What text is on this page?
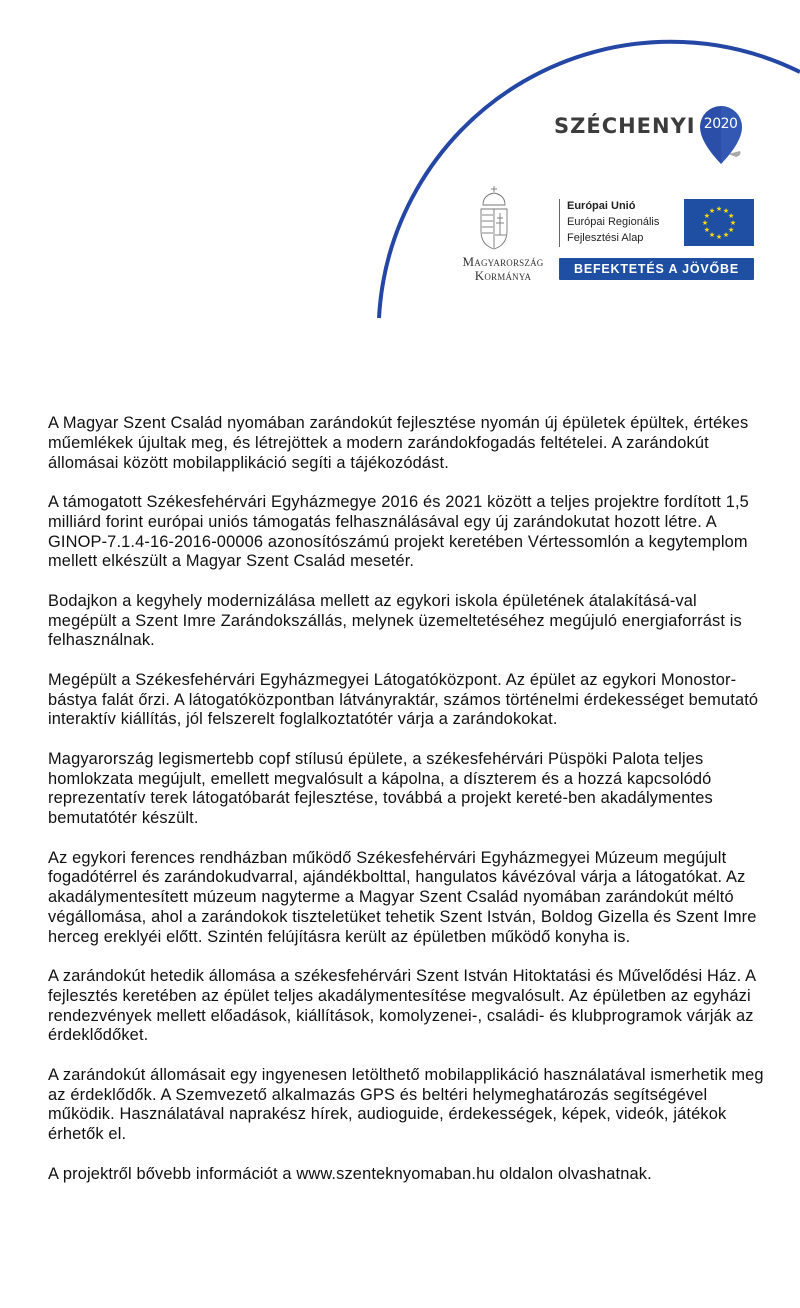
SZÉCHENYI 2020
Magyarország
Kormánya
Európai Unió
Európai Regionális
Fejlesztési Alap
★ ★
★
★
★
★
★
★
★
★
★
★
BEFEKTETÉS A JÖVŐBE

A Magyar Szent Család nyomában zarándokút fejlesztése nyomán új épületek épültek, értékes műemlékek újultak meg, és létrejöttek a modern zarándokfogadás feltételei. A zarándokút állomásai között mobilapplikáció segíti a tájékozódást.

A támogatott Székesfehérvári Egyházmegye 2016 és 2021 között a teljes projektre fordított 1,5 milliárd forint európai uniós támogatás felhasználásával egy új zarándokutat hozott létre. A GINOP-7.1.4-16-2016-00006 azonosítószámú projekt keretében Vértessomlón a kegytemplom mellett elkészült a Magyar Szent Család mesetér.

Bodajkon a kegyhely modernizálása mellett az egykori iskola épületének átalakításá-val megépült a Szent Imre Zarándokszállás, melynek üzemeltetéséhez megújuló energiaforrást is felhasználnak.

Megépült a Székesfehérvári Egyházmegyei Látogatóközpont. Az épület az egykori Monostor-bástya falát őrzi. A látogatóközpontban látványraktár, számos történelmi érdekességet bemutató interaktív kiállítás, jól felszerelt foglalkoztatótér várja a zarándokokat.

Magyarország legismertebb copf stílusú épülete, a székesfehérvári Püspöki Palota teljes homlokzata megújult, emellett megvalósult a kápolna, a díszterem és a hozzá kapcsolódó reprezentatív terek látogatóbarát fejlesztése, továbbá a projekt kereté-ben akadálymentes bemutatótér készült.

Az egykori ferences rendházban működő Székesfehérvári Egyházmegyei Múzeum megújult fogadótérrel és zarándokudvarral, ajándékbolttal, hangulatos kávézóval várja a látogatókat. Az akadálymentesített múzeum nagyterme a Magyar Szent Család nyomában zarándokút méltó végállomása, ahol a zarándokok tiszteletüket tehetik Szent István, Boldog Gizella és Szent Imre herceg ereklyéi előtt. Szintén felújításra került az épületben működő konyha is.

A zarándokút hetedik állomása a székesfehérvári Szent István Hitoktatási és Művelődési Ház. A fejlesztés keretében az épület teljes akadálymentesítése megvalósult. Az épületben az egyházi rendezvények mellett előadások, kiállítások, komolyzenei-, családi- és klubprogramok várják az érdeklődőket.

A zarándokút állomásait egy ingyenesen letölthető mobilapplikáció használatával ismerhetik meg az érdeklődők. A Szemvezető alkalmazás GPS és beltéri helymeghatározás segítségével működik. Használatával naprakész hírek, audioguide, érdekességek, képek, videók, játékok érhetők el.

A projektről bővebb információt a www.szenteknyomaban.hu oldalon olvashatnak.
